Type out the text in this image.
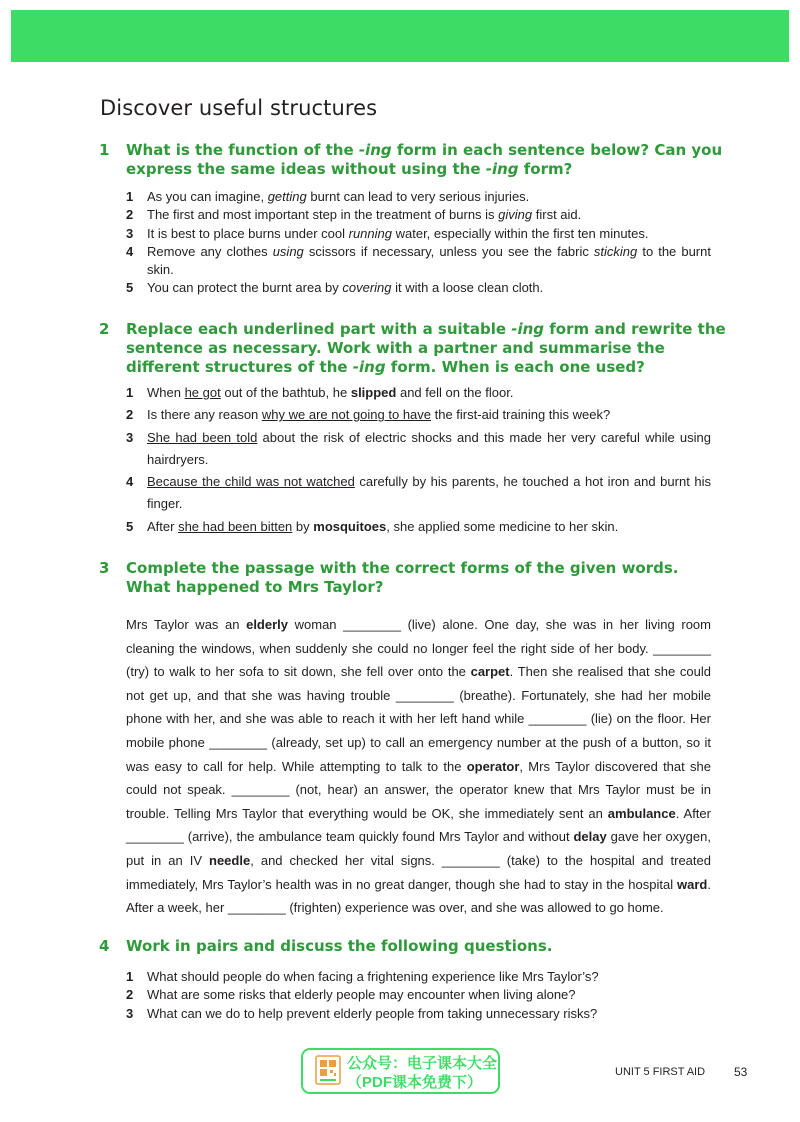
Discover useful structures
1 What is the function of the -ing form in each sentence below? Can you express the same ideas without using the -ing form?
1 As you can imagine, getting burnt can lead to very serious injuries.
2 The first and most important step in the treatment of burns is giving first aid.
3 It is best to place burns under cool running water, especially within the first ten minutes.
4 Remove any clothes using scissors if necessary, unless you see the fabric sticking to the burnt skin.
5 You can protect the burnt area by covering it with a loose clean cloth.
2 Replace each underlined part with a suitable -ing form and rewrite the sentence as necessary. Work with a partner and summarise the different structures of the -ing form. When is each one used?
1 When he got out of the bathtub, he slipped and fell on the floor.
2 Is there any reason why we are not going to have the first-aid training this week?
3 She had been told about the risk of electric shocks and this made her very careful while using hairdryers.
4 Because the child was not watched carefully by his parents, he touched a hot iron and burnt his finger.
5 After she had been bitten by mosquitoes, she applied some medicine to her skin.
3 Complete the passage with the correct forms of the given words. What happened to Mrs Taylor?
Mrs Taylor was an elderly woman ________ (live) alone. One day, she was in her living room cleaning the windows, when suddenly she could no longer feel the right side of her body. ________ (try) to walk to her sofa to sit down, she fell over onto the carpet. Then she realised that she could not get up, and that she was having trouble ________ (breathe). Fortunately, she had her mobile phone with her, and she was able to reach it with her left hand while ________ (lie) on the floor. Her mobile phone ________ (already, set up) to call an emergency number at the push of a button, so it was easy to call for help. While attempting to talk to the operator, Mrs Taylor discovered that she could not speak. ________ (not, hear) an answer, the operator knew that Mrs Taylor must be in trouble. Telling Mrs Taylor that everything would be OK, she immediately sent an ambulance. After ________ (arrive), the ambulance team quickly found Mrs Taylor and without delay gave her oxygen, put in an IV needle, and checked her vital signs. ________ (take) to the hospital and treated immediately, Mrs Taylor’s health was in no great danger, though she had to stay in the hospital ward. After a week, her ________ (frighten) experience was over, and she was allowed to go home.
4 Work in pairs and discuss the following questions.
1 What should people do when facing a frightening experience like Mrs Taylor’s?
2 What are some risks that elderly people may encounter when living alone?
3 What can we do to help prevent elderly people from taking unnecessary risks?
公众号：电子课本大全
（PDF课本免费下）
UNIT 5 FIRST AID 53
